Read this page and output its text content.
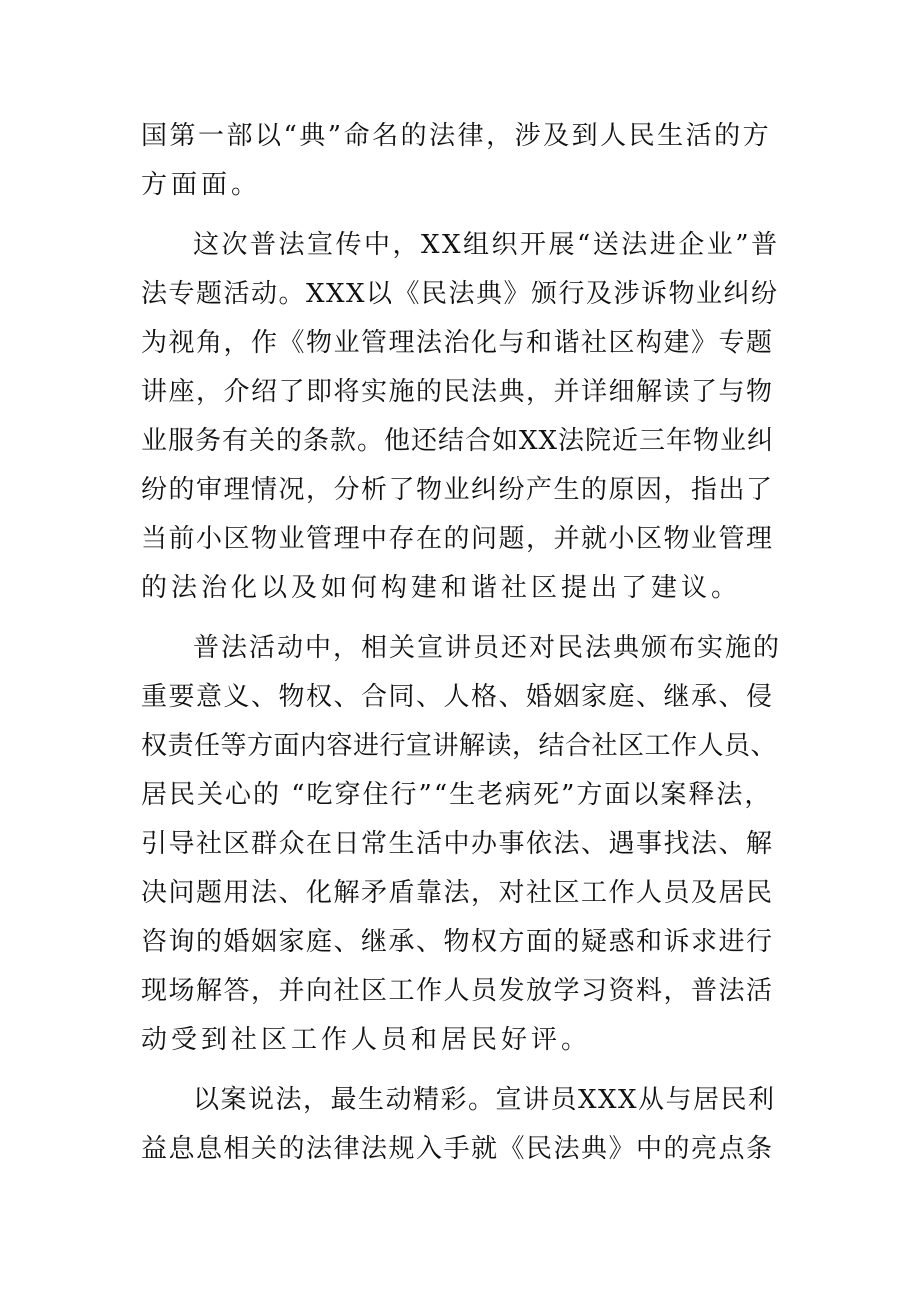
国第一部以“典”命名的法律，涉及到人民生活的方

方面面。

这次普法宣传中，XX组织开展“送法进企业”普

法专题活动。XXX以《民法典》颁行及涉诉物业纠纷

为视角，作《物业管理法治化与和谐社区构建》专题

讲座，介绍了即将实施的民法典，并详细解读了与物

业服务有关的条款。他还结合如XX法院近三年物业纠

纷的审理情况，分析了物业纠纷产生的原因，指出了

当前小区物业管理中存在的问题，并就小区物业管理

的法治化以及如何构建和谐社区提出了建议。

普法活动中，相关宣讲员还对民法典颁布实施的

重要意义、物权、合同、人格、婚姻家庭、继承、侵

权责任等方面内容进行宣讲解读，结合社区工作人员、

居民关心的 “吃穿住行”“生老病死”方面以案释法，

引导社区群众在日常生活中办事依法、遇事找法、解

决问题用法、化解矛盾靠法，对社区工作人员及居民

咨询的婚姻家庭、继承、物权方面的疑惑和诉求进行

现场解答，并向社区工作人员发放学习资料，普法活

动受到社区工作人员和居民好评。

以案说法，最生动精彩。宣讲员XXX从与居民利

益息息相关的法律法规入手就《民法典》中的亮点条
